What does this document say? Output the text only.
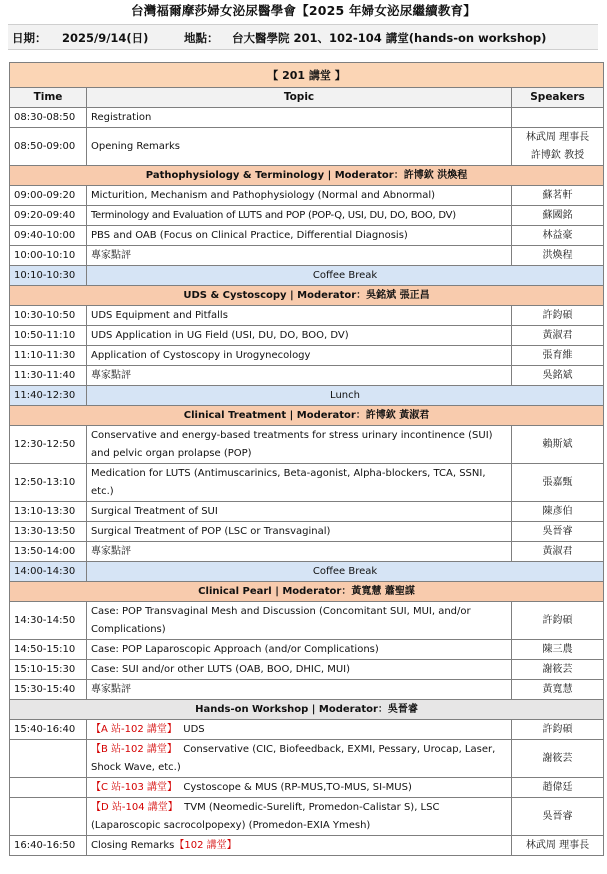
台灣福爾摩莎婦女泌尿醫學會【2025 年婦女泌尿繼續教育】
日期： 2025/9/14(日)	地點： 台大醫學院 201、102-104 講堂(hands-on workshop)
【 201 講堂 】		
Time	Topic	Speakers
08:30-08:50	Registration	
08:50-09:00	Opening Remarks	林武周 理事長
許博欽 教授

Pathophysiology & Terminology | Moderator：許博欽 洪煥程		
09:00-09:20	Micturition, Mechanism and Pathophysiology (Normal and Abnormal)	蘇茗軒
09:20-09:40	Terminology and Evaluation of LUTS and POP (POP-Q, USI, DU, DO, BOO, DV)	蘇國銘
09:40-10:00	PBS and OAB (Focus on Clinical Practice, Differential Diagnosis)	林益豪
10:00-10:10	專家點評	洪煥程
10:10-10:30	Coffee Break	
UDS & Cystoscopy | Moderator：吳銘斌 張正昌		
10:30-10:50	UDS Equipment and Pitfalls	許鈞碩
10:50-11:10	UDS Application in UG Field (USI, DU, DO, BOO, DV)	黃淑君
11:10-11:30	Application of Cystoscopy in Urogynecology	張育維
11:30-11:40	專家點評	吳銘斌
11:40-12:30	Lunch	
Clinical Treatment | Moderator：許博欽 黃淑君		
12:30-12:50	Conservative and energy-based treatments for stress urinary incontinence (SUI) and pelvic organ prolapse (POP)	賴斯斌
12:50-13:10	Medication for LUTS (Antimuscarinics, Beta-agonist, Alpha-blockers, TCA, SSNI, etc.)	張嘉甄
13:10-13:30	Surgical Treatment of SUI	陳彥伯
13:30-13:50	Surgical Treatment of POP (LSC or Transvaginal)	吳晉睿
13:50-14:00	專家點評	黃淑君
14:00-14:30	Coffee Break	
Clinical Pearl | Moderator：黃寬慧 蕭聖謀		
14:30-14:50	Case: POP Transvaginal Mesh and Discussion (Concomitant SUI, MUI, and/or Complications)	許鈞碩
14:50-15:10	Case: POP Laparoscopic Approach (and/or Complications)	陳三農
15:10-15:30	Case: SUI and/or other LUTS (OAB, BOO, DHIC, MUI)	謝筱芸
15:30-15:40	專家點評	黃寬慧
Hands-on Workshop | Moderator：吳晉睿		
15:40-16:40	【A 站-102 講堂】 UDS	許鈞碩
	【B 站-102 講堂】 Conservative (CIC, Biofeedback, EXMI, Pessary, Urocap, Laser, Shock Wave, etc.)	謝筱芸
	【C 站-103 講堂】 Cystoscope & MUS (RP-MUS,TO-MUS, SI-MUS)	趙偉廷
	【D 站-104 講堂】 TVM (Neomedic-Surelift, Promedon-Calistar S), LSC (Laparoscopic sacrocolpopexy) (Promedon-EXIA Ymesh)	吳晉睿
16:40-16:50	Closing Remarks【102 講堂】	林武周 理事長
